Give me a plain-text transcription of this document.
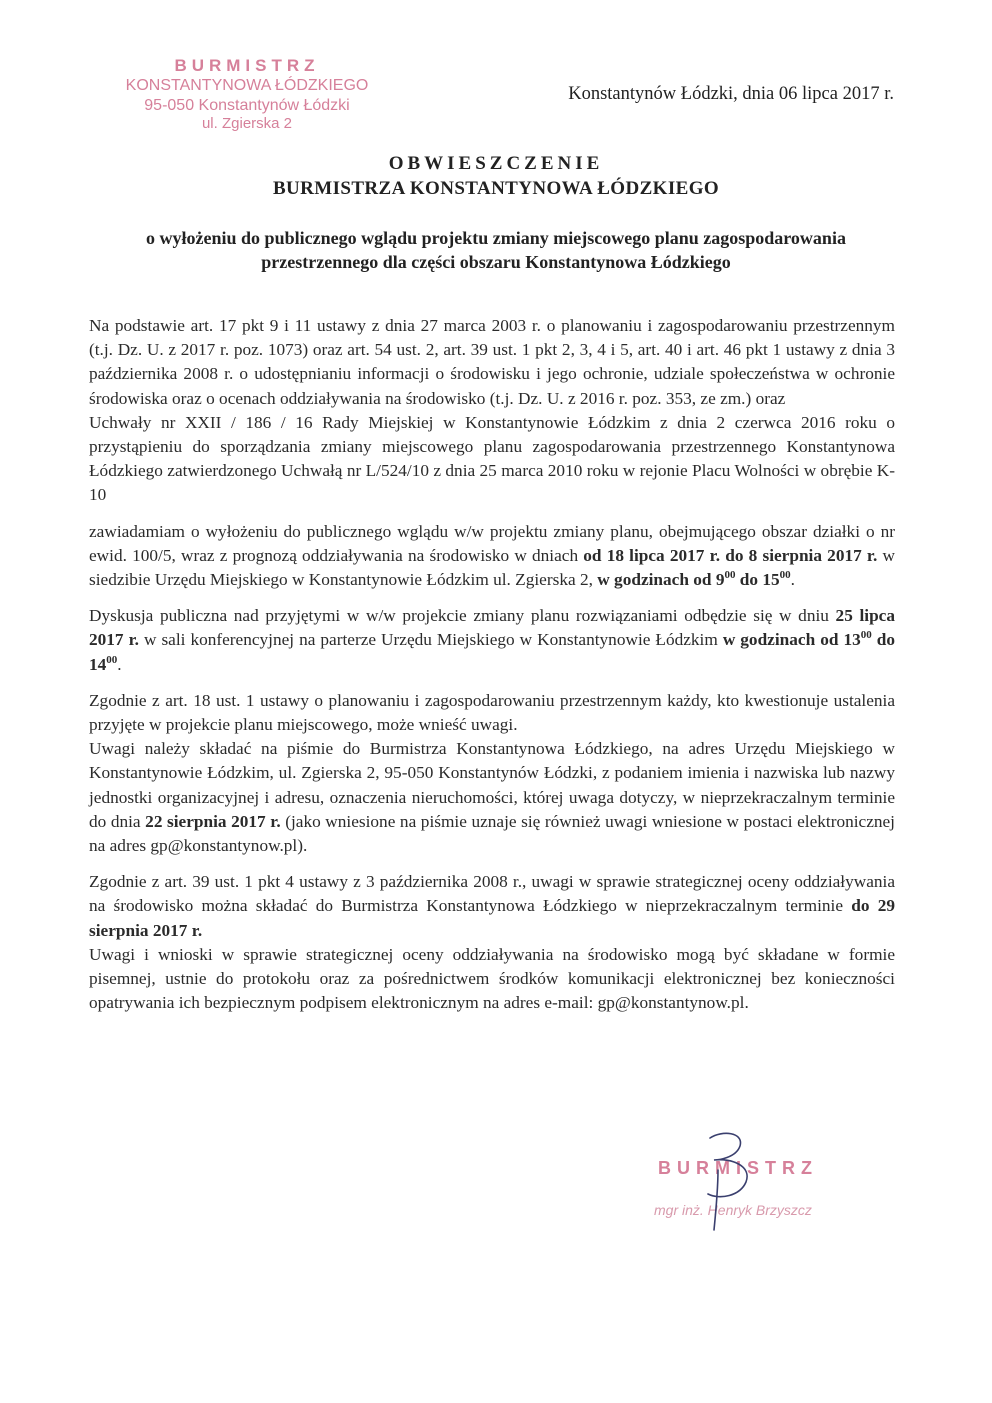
BURMISTRZ
KONSTANTYNOWA ŁÓDZKIEGO
95-050 Konstantynów Łódzki
ul. Zgierska 2
Konstantynów Łódzki, dnia 06 lipca 2017 r.
OBWIESZCZENIE
BURMISTRZA KONSTANTYNOWA ŁÓDZKIEGO
o wyłożeniu do publicznego wglądu projektu zmiany miejscowego planu zagospodarowania przestrzennego dla części obszaru Konstantynowa Łódzkiego

Na podstawie art. 17 pkt 9 i 11 ustawy z dnia 27 marca 2003 r. o planowaniu i zagospodarowaniu przestrzennym (t.j. Dz. U. z 2017 r. poz. 1073) oraz art. 54 ust. 2, art. 39 ust. 1 pkt 2, 3, 4 i 5, art. 40 i art. 46 pkt 1 ustawy z dnia 3 października 2008 r. o udostępnianiu informacji o środowisku i jego ochronie, udziale społeczeństwa w ochronie środowiska oraz o ocenach oddziaływania na środowisko (t.j. Dz. U. z 2016 r. poz. 353, ze zm.) oraz

Uchwały nr XXII / 186 / 16 Rady Miejskiej w Konstantynowie Łódzkim z dnia 2 czerwca 2016 roku o przystąpieniu do sporządzania zmiany miejscowego planu zagospodarowania przestrzennego Konstantynowa Łódzkiego zatwierdzonego Uchwałą nr L/524/10 z dnia 25 marca 2010 roku w rejonie Placu Wolności w obrębie K-10

zawiadamiam o wyłożeniu do publicznego wglądu w/w projektu zmiany planu, obejmującego obszar działki o nr ewid. 100/5, wraz z prognozą oddziaływania na środowisko w dniach od 18 lipca 2017 r. do 8 sierpnia 2017 r. w siedzibie Urzędu Miejskiego w Konstantynowie Łódzkim ul. Zgierska 2, w godzinach od $9^{00}$ do $15^{00}$.

Dyskusja publiczna nad przyjętymi w w/w projekcie zmiany planu rozwiązaniami odbędzie się w dniu 25 lipca 2017 r. w sali konferencyjnej na parterze Urzędu Miejskiego w Konstantynowie Łódzkim w godzinach od $13^{00}$ do $14^{00}$.

Zgodnie z art. 18 ust. 1 ustawy o planowaniu i zagospodarowaniu przestrzennym każdy, kto kwestionuje ustalenia przyjęte w projekcie planu miejscowego, może wnieść uwagi.

Uwagi należy składać na piśmie do Burmistrza Konstantynowa Łódzkiego, na adres Urzędu Miejskiego w Konstantynowie Łódzkim, ul. Zgierska 2, 95-050 Konstantynów Łódzki, z podaniem imienia i nazwiska lub nazwy jednostki organizacyjnej i adresu, oznaczenia nieruchomości, której uwaga dotyczy, w nieprzekraczalnym terminie do dnia 22 sierpnia 2017 r. (jako wniesione na piśmie uznaje się również uwagi wniesione w postaci elektronicznej na adres gp@konstantynow.pl).

Zgodnie z art. 39 ust. 1 pkt 4 ustawy z 3 października 2008 r., uwagi w sprawie strategicznej oceny oddziaływania na środowisko można składać do Burmistrza Konstantynowa Łódzkiego w nieprzekraczalnym terminie do 29 sierpnia 2017 r.

Uwagi i wnioski w sprawie strategicznej oceny oddziaływania na środowisko mogą być składane w formie pisemnej, ustnie do protokołu oraz za pośrednictwem środków komunikacji elektronicznej bez konieczności opatrywania ich bezpiecznym podpisem elektronicznym na adres e-mail: gp@konstantynow.pl.

BURMISTRZ
mgr inż. Henryk Brzyszcz
